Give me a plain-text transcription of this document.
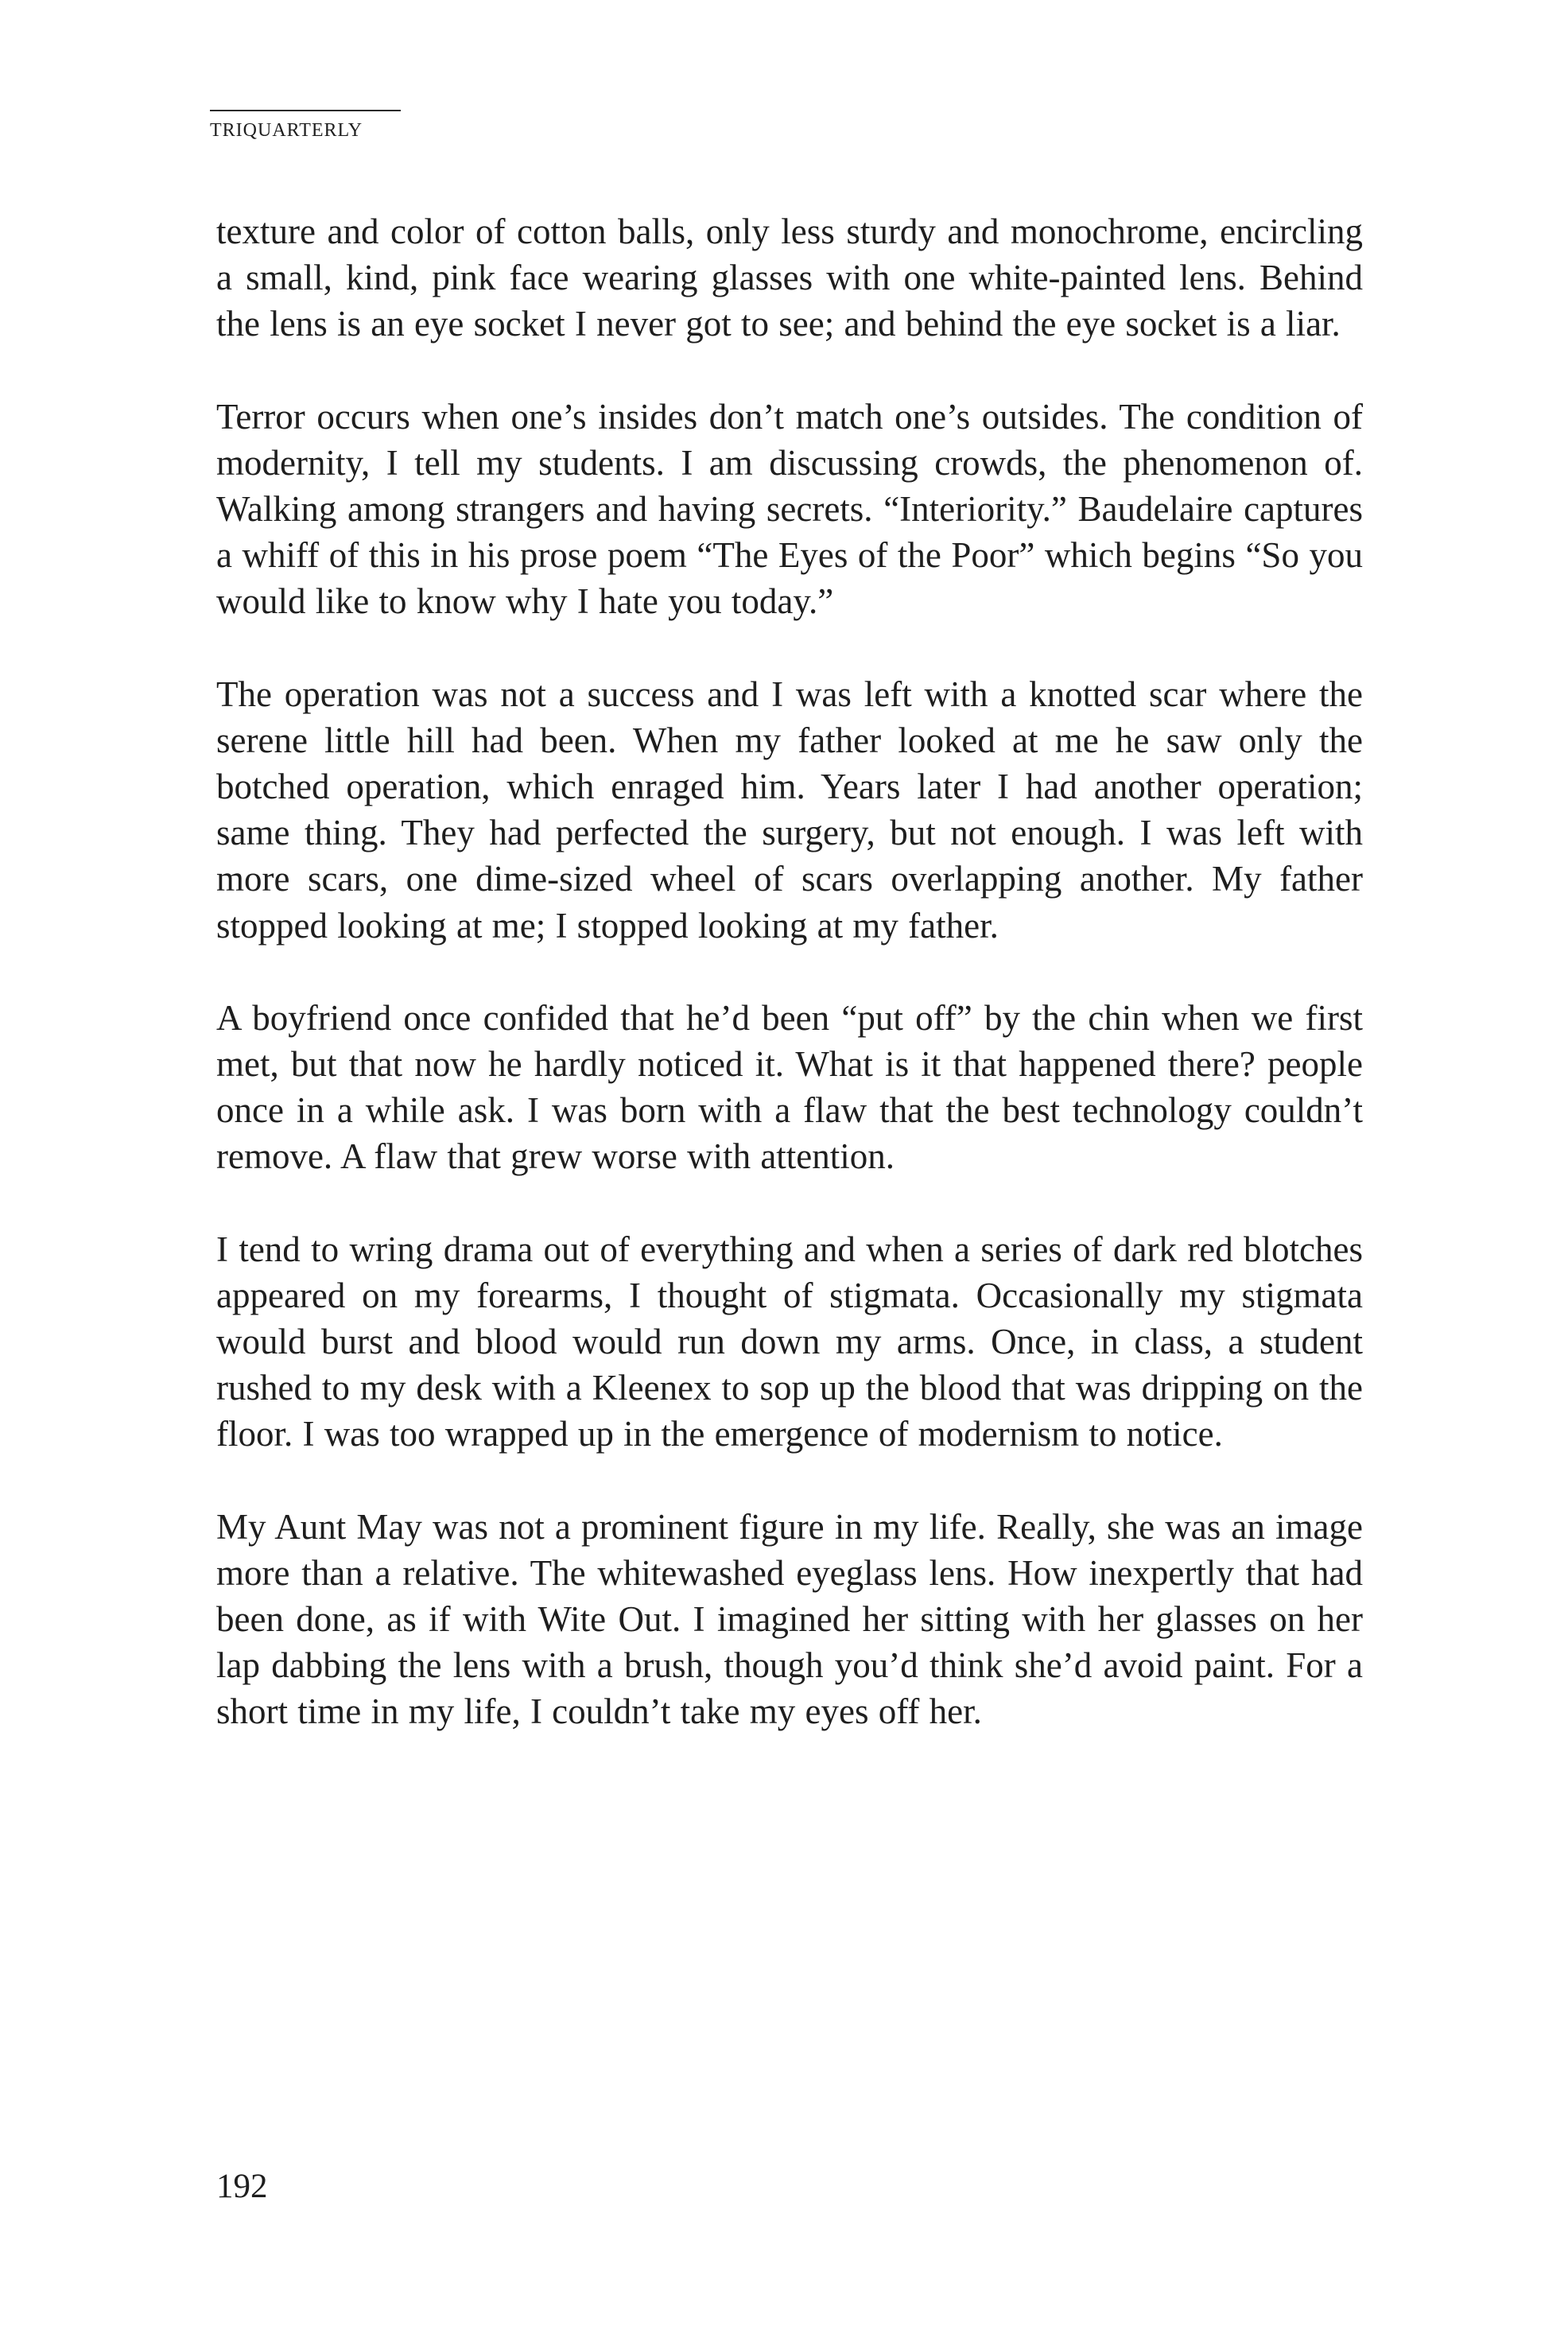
TRIQUARTERLY

texture and color of cotton balls, only less sturdy and monochrome, encircling a small, kind, pink face wearing glasses with one white-painted lens. Behind the lens is an eye socket I never got to see; and behind the eye socket is a liar.

Terror occurs when one’s insides don’t match one’s outsides. The condition of modernity, I tell my students. I am discussing crowds, the phenomenon of. Walking among strangers and having secrets. “Interiority.” Baudelaire captures a whiff of this in his prose poem “The Eyes of the Poor” which begins “So you would like to know why I hate you today.”

The operation was not a success and I was left with a knotted scar where the serene little hill had been. When my father looked at me he saw only the botched operation, which enraged him. Years later I had another operation; same thing. They had perfected the surgery, but not enough. I was left with more scars, one dime-sized wheel of scars overlapping another. My father stopped looking at me; I stopped looking at my father.

A boyfriend once confided that he’d been “put off” by the chin when we first met, but that now he hardly noticed it. What is it that happened there? people once in a while ask. I was born with a flaw that the best technology couldn’t remove. A flaw that grew worse with attention.

I tend to wring drama out of everything and when a series of dark red blotches appeared on my forearms, I thought of stigmata. Occasionally my stigmata would burst and blood would run down my arms. Once, in class, a student rushed to my desk with a Kleenex to sop up the blood that was dripping on the floor. I was too wrapped up in the emergence of modernism to notice.

My Aunt May was not a prominent figure in my life. Really, she was an image more than a relative. The whitewashed eyeglass lens. How inexpertly that had been done, as if with Wite Out. I imagined her sitting with her glasses on her lap dabbing the lens with a brush, though you’d think she’d avoid paint. For a short time in my life, I couldn’t take my eyes off her.

192
